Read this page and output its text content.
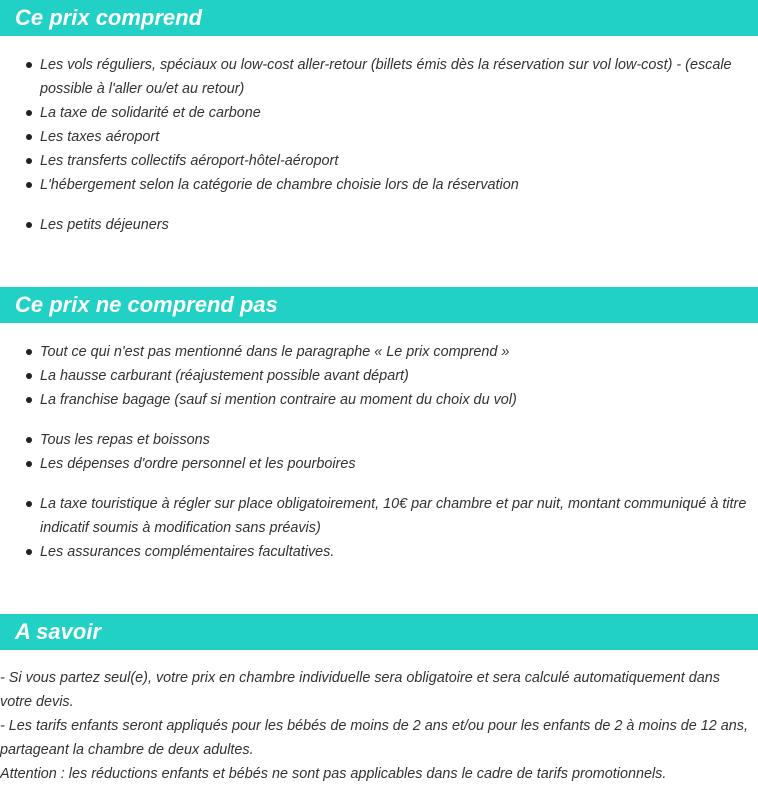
Ce prix comprend
Les vols réguliers, spéciaux ou low-cost aller-retour (billets émis dès la réservation sur vol low-cost) - (escale possible à l'aller ou/et au retour)
La taxe de solidarité et de carbone
Les taxes aéroport
Les transferts collectifs aéroport-hôtel-aéroport
L'hébergement selon la catégorie de chambre choisie lors de la réservation
Les petits déjeuners
Ce prix ne comprend pas
Tout ce qui n'est pas mentionné dans le paragraphe « Le prix comprend »
La hausse carburant (réajustement possible avant départ)
La franchise bagage (sauf si mention contraire au moment du choix du vol)
Tous les repas et boissons
Les dépenses d'ordre personnel et les pourboires
La taxe touristique à régler sur place obligatoirement, 10€ par chambre et par nuit, montant communiqué à titre indicatif soumis à modification sans préavis)
Les assurances complémentaires facultatives.
A savoir

- Si vous partez seul(e), votre prix en chambre individuelle sera obligatoire et sera calculé automatiquement dans votre devis.

- Les tarifs enfants seront appliqués pour les bébés de moins de 2 ans et/ou pour les enfants de 2 à moins de 12 ans, partageant la chambre de deux adultes.

Attention : les réductions enfants et bébés ne sont pas applicables dans le cadre de tarifs promotionnels.
